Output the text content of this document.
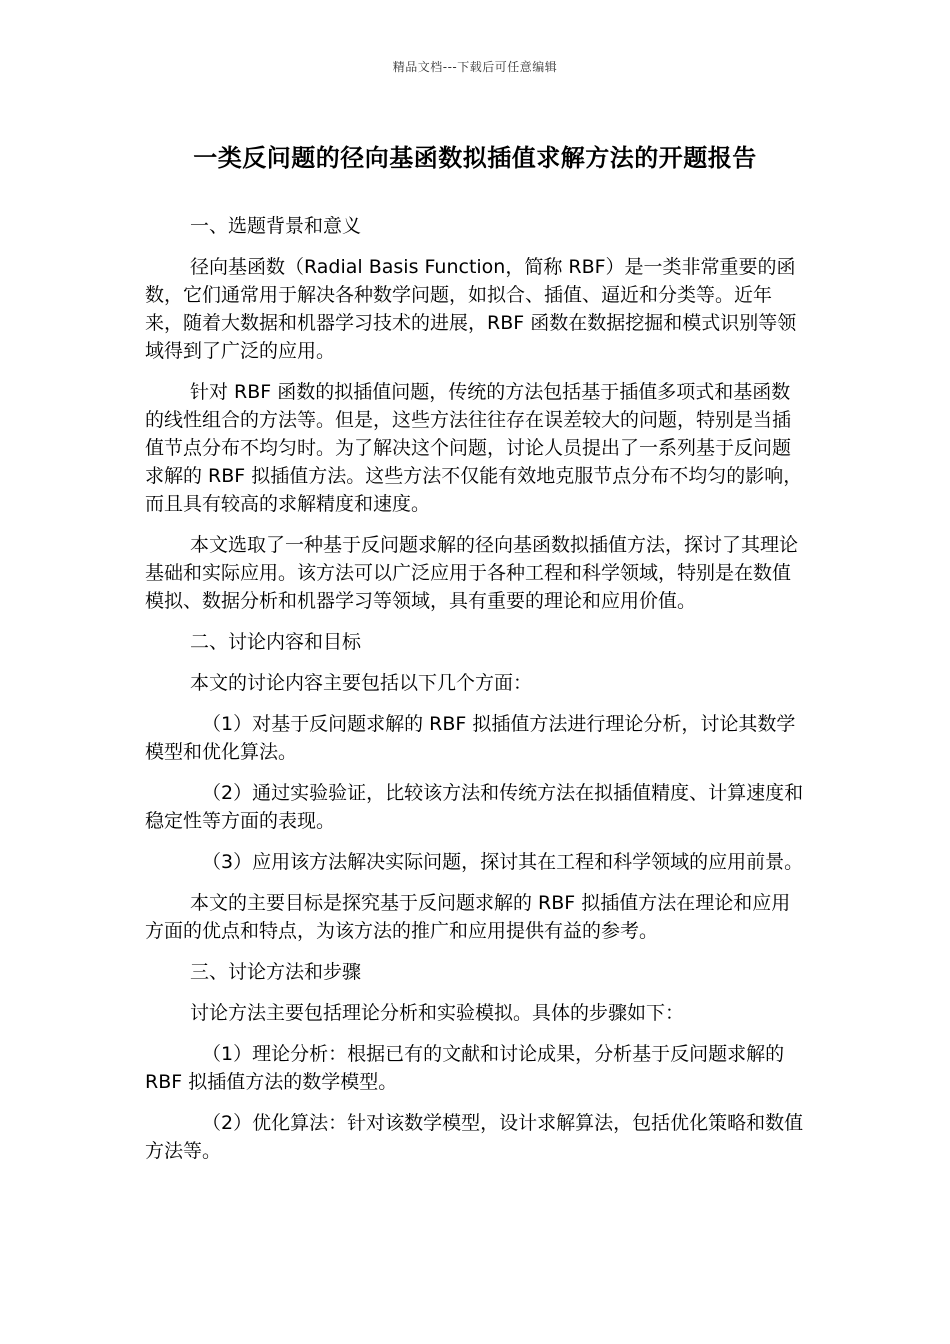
精品文档---下载后可任意编辑
一类反问题的径向基函数拟插值求解方法的开题报告

一、选题背景和意义

径向基函数（Radial Basis Function，简称 RBF）是一类非常重要的函数，它们通常用于解决各种数学问题，如拟合、插值、逼近和分类等。近年来，随着大数据和机器学习技术的进展，RBF 函数在数据挖掘和模式识别等领域得到了广泛的应用。

针对 RBF 函数的拟插值问题，传统的方法包括基于插值多项式和基函数的线性组合的方法等。但是，这些方法往往存在误差较大的问题，特别是当插值节点分布不均匀时。为了解决这个问题，讨论人员提出了一系列基于反问题求解的 RBF 拟插值方法。这些方法不仅能有效地克服节点分布不均匀的影响，而且具有较高的求解精度和速度。

本文选取了一种基于反问题求解的径向基函数拟插值方法，探讨了其理论基础和实际应用。该方法可以广泛应用于各种工程和科学领域，特别是在数值模拟、数据分析和机器学习等领域，具有重要的理论和应用价值。

二、讨论内容和目标

本文的讨论内容主要包括以下几个方面：

（1）对基于反问题求解的 RBF 拟插值方法进行理论分析，讨论其数学模型和优化算法。

（2）通过实验验证，比较该方法和传统方法在拟插值精度、计算速度和稳定性等方面的表现。

（3）应用该方法解决实际问题，探讨其在工程和科学领域的应用前景。

本文的主要目标是探究基于反问题求解的 RBF 拟插值方法在理论和应用方面的优点和特点，为该方法的推广和应用提供有益的参考。

三、讨论方法和步骤

讨论方法主要包括理论分析和实验模拟。具体的步骤如下：

（1）理论分析：根据已有的文献和讨论成果，分析基于反问题求解的 RBF 拟插值方法的数学模型。

（2）优化算法：针对该数学模型，设计求解算法，包括优化策略和数值方法等。
